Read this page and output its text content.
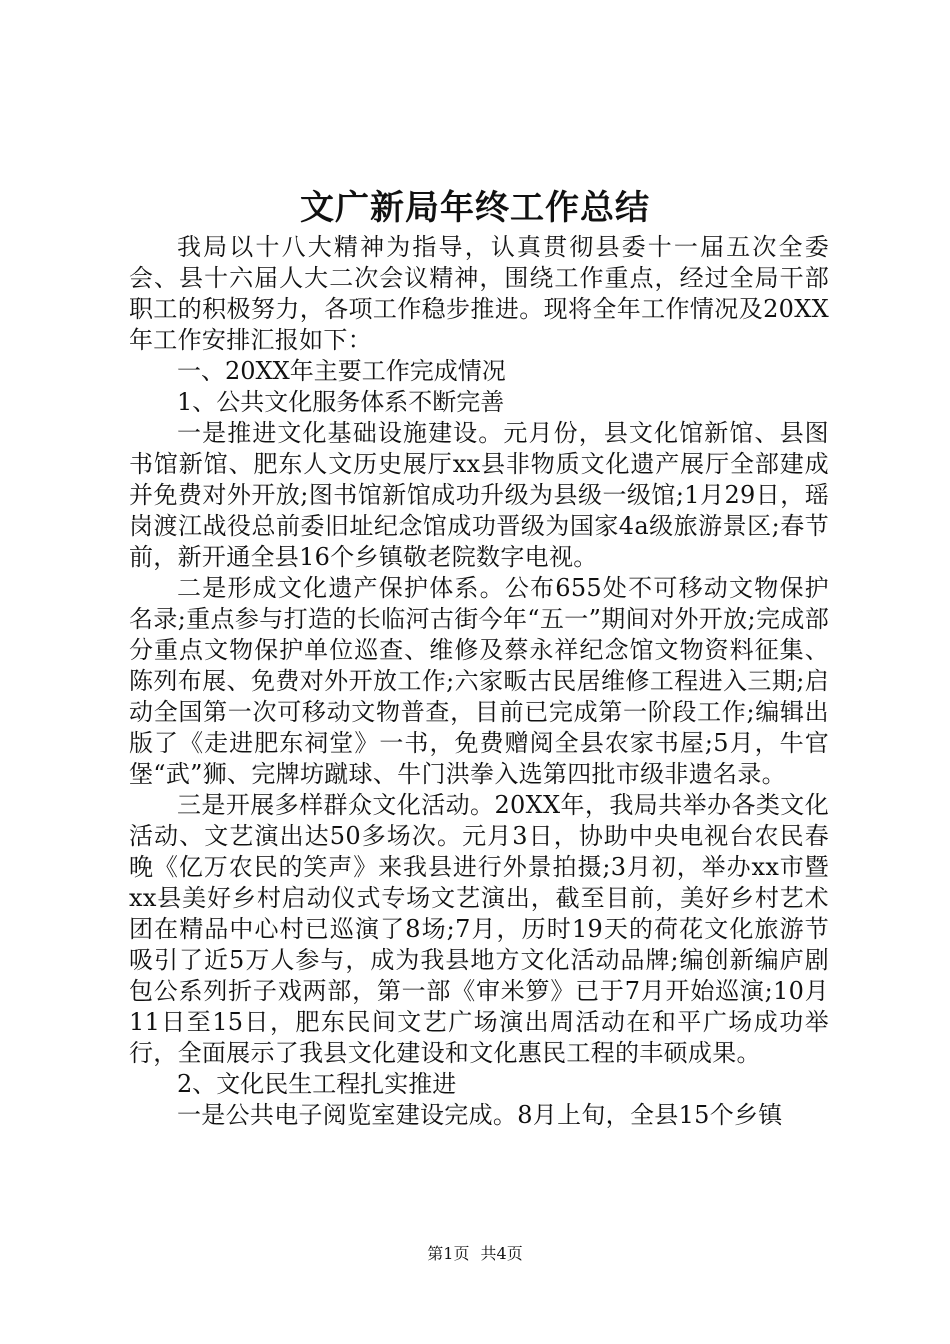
文广新局年终工作总结

我局以十八大精神为指导，认真贯彻县委十一届五次全委会、县十六届人大二次会议精神，围绕工作重点，经过全局干部职工的积极努力，各项工作稳步推进。现将全年工作情况及20XX年工作安排汇报如下：

一、20XX年主要工作完成情况

1、公共文化服务体系不断完善

一是推进文化基础设施建设。元月份，县文化馆新馆、县图书馆新馆、肥东人文历史展厅xx县非物质文化遗产展厅全部建成并免费对外开放;图书馆新馆成功升级为县级一级馆;1月29日，瑶岗渡江战役总前委旧址纪念馆成功晋级为国家4a级旅游景区;春节前，新开通全县16个乡镇敬老院数字电视。

二是形成文化遗产保护体系。公布655处不可移动文物保护名录;重点参与打造的长临河古街今年“五一”期间对外开放;完成部分重点文物保护单位巡查、维修及蔡永祥纪念馆文物资料征集、陈列布展、免费对外开放工作;六家畈古民居维修工程进入三期;启动全国第一次可移动文物普查，目前已完成第一阶段工作;编辑出版了《走进肥东祠堂》一书，免费赠阅全县农家书屋;5月，牛官堡“武”狮、完牌坊蹴球、牛门洪拳入选第四批市级非遗名录。

三是开展多样群众文化活动。20XX年，我局共举办各类文化活动、文艺演出达50多场次。元月3日，协助中央电视台农民春晚《亿万农民的笑声》来我县进行外景拍摄;3月初，举办xx市暨xx县美好乡村启动仪式专场文艺演出，截至目前，美好乡村艺术团在精品中心村已巡演了8场;7月，历时19天的荷花文化旅游节吸引了近5万人参与，成为我县地方文化活动品牌;编创新编庐剧包公系列折子戏两部，第一部《审米箩》已于7月开始巡演;10月11日至15日，肥东民间文艺广场演出周活动在和平广场成功举行，全面展示了我县文化建设和文化惠民工程的丰硕成果。

2、文化民生工程扎实推进

一是公共电子阅览室建设完成。8月上旬，全县15个乡镇

第1页 共4页
